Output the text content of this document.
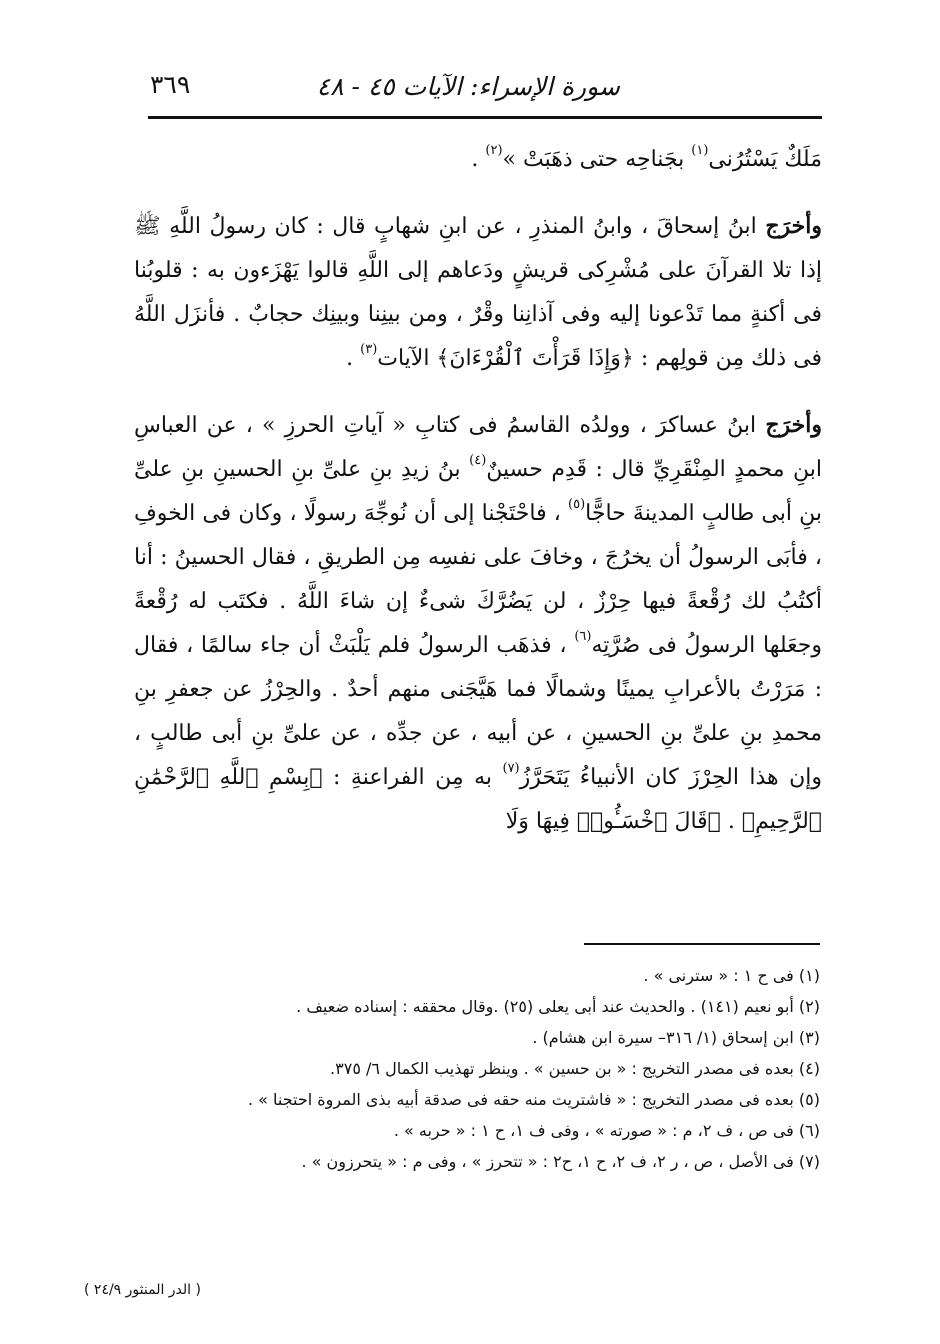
سورة الإسراء: الآيات ٤٥ - ٤٨
٣٦٩

مَلَكٌ يَسْتُرُنى$^{(١)}$ بجَناحِه حتى ذهَبَتْ »$^{(٢)}$ .

وأخرَج ابنُ إسحاقَ ، وابنُ المنذرِ ، عن ابنِ شهابٍ قال : كان رسولُ اللَّهِ ﷺ إذا تلا القرآنَ على مُشْرِكى قريشٍ ودَعاهم إلى اللَّهِ قالوا يَهْزَءون به : قلوبُنا فى أكنةٍ مما تَدْعونا إليه وفى آذانِنا وقْرٌ ، ومن بينِنا وبينِك حجابٌ . فأنزَل اللَّهُ فى ذلك مِن قولِهم : ﴿وَإِذَا قَرَأْتَ ٱلْقُرْءَانَ﴾ الآيات$^{(٣)}$ .

وأخرَج ابنُ عساكرَ ، وولدُه القاسمُ فى كتابِ « آياتِ الحرزِ » ، عن العباسِ ابنِ محمدٍ المِنْقَرِيِّ قال : قَدِم حسينٌ$^{(٤)}$ بنُ زيدِ بنِ علىِّ بنِ الحسينِ بنِ علىِّ بنِ أبى طالبٍ المدينةَ حاجًّا$^{(٥)}$ ، فاحْتَجْنا إلى أن نُوجِّهَ رسولًا ، وكان فى الخوفِ ، فأبَى الرسولُ أن يخرُجَ ، وخافَ على نفسِه مِن الطريقِ ، فقال الحسينُ : أنا أكتُبُ لك رُقْعةً فيها حِرْزٌ ، لن يَضُرَّكَ شىءٌ إن شاءَ اللَّهُ . فكتَب له رُقْعةً وجعَلها الرسولُ فى صُرَّتِه$^{(٦)}$ ، فذهَب الرسولُ فلم يَلْبَثْ أن جاء سالمًا ، فقال : مَرَرْتُ بالأعرابِ يمينًا وشمالًا فما هَيَّجَنى منهم أحدٌ . والحِرْزُ عن جعفرِ بنِ محمدِ بنِ علىِّ بنِ الحسينِ ، عن أبيه ، عن جدِّه ، عن علىِّ بنِ أبى طالبٍ ، وإن هذا الحِرْزَ كان الأنبياءُ يَتَحَرَّزُ$^{(٧)}$ به مِن الفراعنةِ : ﴿بِسْمِ ٱللَّهِ ٱلرَّحْمَٰنِ ٱلرَّحِيمِ﴾ . ﴿قَالَ ٱخْسَـُٔوا۟ فِيهَا وَلَا

(١) فى ح ١ : « سترنى » .
(٢) أبو نعيم (١٤١) . والحديث عند أبى يعلى (٢٥) .وقال محققه : إسناده ضعيف .
(٣) ابن إسحاق (١/ ٣١٦– سيرة ابن هشام) .
(٤) بعده فى مصدر التخريج : « بن حسين » . وينظر تهذيب الكمال ٦/ ٣٧٥.
(٥) بعده فى مصدر التخريج : « فاشتريت منه حقه فى صدقة أبيه بذى المروة احتجنا » .
(٦) فى ص ، ف ٢، م : « صورته » ، وفى ف ١، ح ١ : « حربه » .
(٧) فى الأصل ، ص ، ر ٢، ف ٢، ح ١، ح٢ : « تتحرز » ، وفى م : « يتحرزون » .
( الدر المنثور ٢٤/٩ )
